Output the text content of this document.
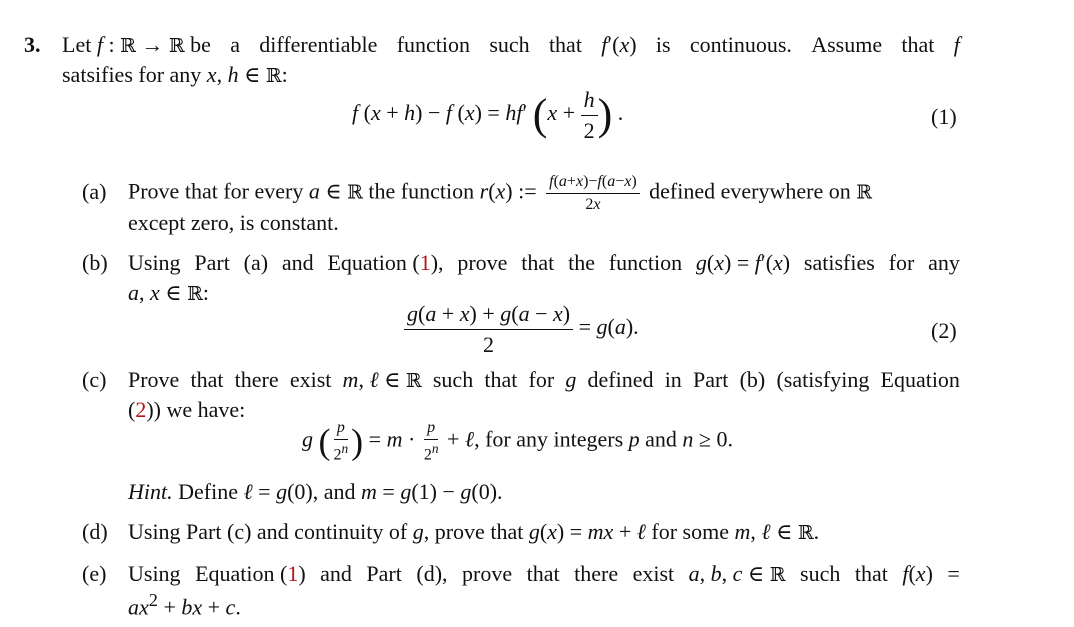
3. Let f : ℝ → ℝ be a differentiable function such that f′(x) is continuous. Assume that f
satsifies for any x, h ∈ ℝ:
f (x + h) − f (x) = hf′ ($x + \frac{h}{2}$ ) .	(1)
(a) Prove that for every a ∈ ℝ the function r(x) := $\frac{f(a+x)-f(a-x)}{2x}$ defined everywhere on ℝ
except zero, is constant.
(b) Using Part (a) and Equation (1), prove that the function g(x) = f′(x) satisfies for any
a, x ∈ ℝ:
$\frac{g(a + x) + g(a - x)}{2} = g(a)$.	(2)
(c) Prove that there exist m, ℓ ∈ ℝ such that for g defined in Part (b) (satisfying Equation
(2)) we have:
g ( $\frac{p}{2^n}$ ) = $m \cdot \frac{p}{2^n}$ + ℓ, for any integers p and n ≥ 0.
Hint. Define ℓ = g(0), and m = g(1) − g(0).
(d) Using Part (c) and continuity of g, prove that g(x) = mx + ℓ for some m, ℓ ∈ ℝ.
(e) Using Equation (1) and Part (d), prove that there exist a, b, c ∈ ℝ such that f(x) =
$ax^2$ + bx + c.
